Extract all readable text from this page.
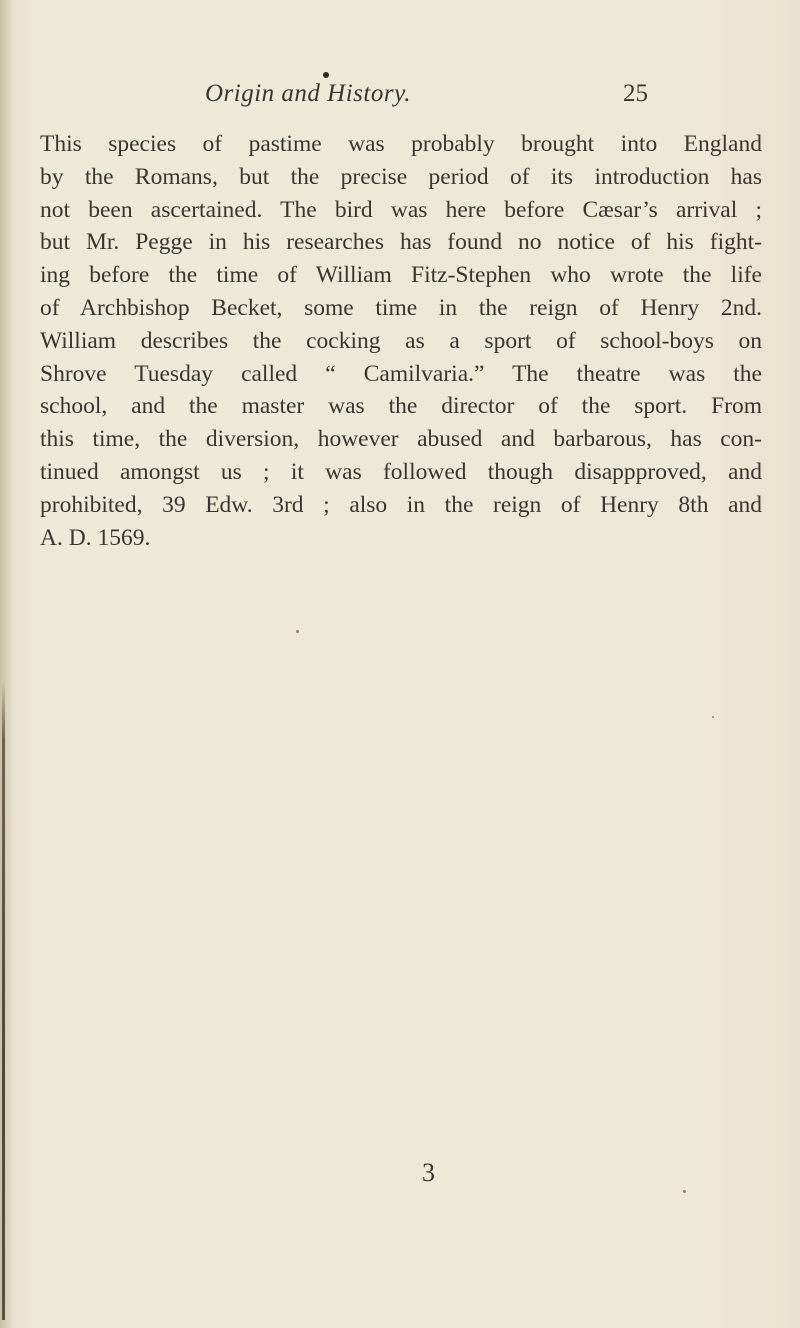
Origin and History.	25
This species of pastime was probably brought into England
by the Romans, but the precise period of its introduction has
not been ascertained. The bird was here before Cæsar’s arrival ;
but Mr. Pegge in his researches has found no notice of his fight-
ing before the time of William Fitz-Stephen who wrote the life
of Archbishop Becket, some time in the reign of Henry 2nd.
William describes the cocking as a sport of school-boys on
Shrove Tuesday called “ Camilvaria.” The theatre was the
school, and the master was the director of the sport. From
this time, the diversion, however abused and barbarous, has con-
tinued amongst us ; it was followed though disappproved, and
prohibited, 39 Edw. 3rd ; also in the reign of Henry 8th and
A. D. 1569.
3
